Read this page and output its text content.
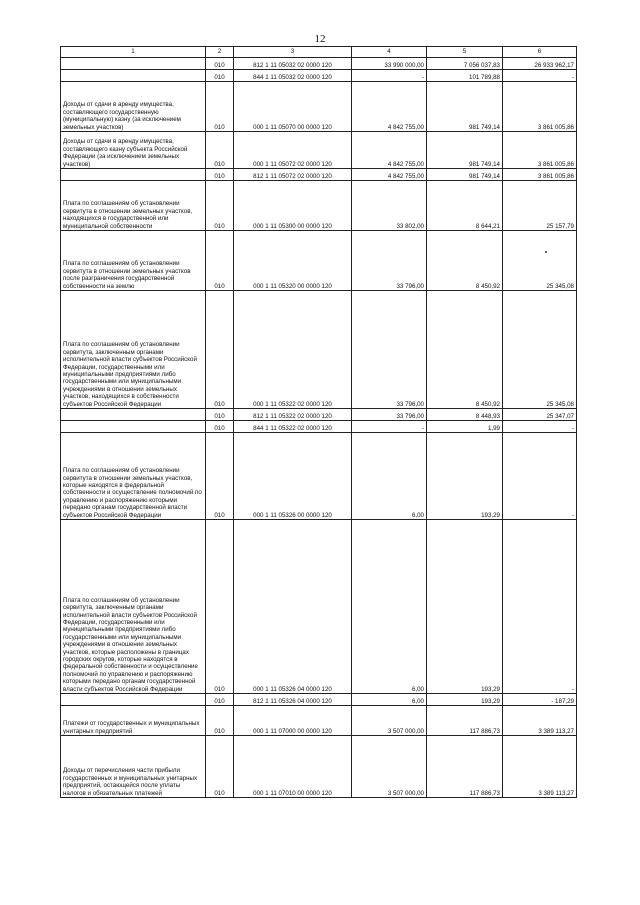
12
1	2	3	4	5	6
	010	812 1 11 05032 02 0000 120	33 990 000,00	7 056 037,83	26 933 962,17
	010	844 1 11 05032 02 0000 120	-	101 789,88	-
Доходы от сдачи в аренду имущества, составляющего государственную (муниципальную) казну (за исключением земельных участков)	010	000 1 11 05070 00 0000 120	4 842 755,00	981 749,14	3 861 005,86
Доходы от сдачи в аренду имущества, составляющего казну субъекта Российской Федерации (за исключением земельных участков)	010	000 1 11 05072 02 0000 120	4 842 755,00	981 749,14	3 861 005,86
	010	812 1 11 05072 02 0000 120	4 842 755,00	981 749,14	3 861 005,86
Плата по соглашениям об установлении сервитута в отношении земельных участков, находящихся в государственной или муниципальной собственности	010	000 1 11 05300 00 0000 120	33 802,00	8 644,21	25 157,79
Плата по соглашениям об установлении сервитута в отношении земельных участков после разграничения государственной собственности на землю	010	000 1 11 05320 00 0000 120	33 796,00	8 450,92	25 345,08
Плата по соглашениям об установлении сервитута, заключенным органами исполнительной власти субъектов Российской Федерации, государственными или муниципальными предприятиями либо государственными или муниципальными учреждениями в отношении земельных участков, находящихся в собственности субъектов Российской Федерации	010	000 1 11 05322 02 0000 120	33 796,00	8 450,92	25 345,08
	010	812 1 11 05322 02 0000 120	33 796,00	8 448,93	25 347,07
	010	844 1 11 05322 02 0000 120	-	1,99	-
Плата по соглашениям об установлении сервитута в отношении земельных участков, которые находятся в федеральной собственности и осуществление полномочий по управлению и распоряжению которыми передано органам государственной власти субъектов Российской Федерации	010	000 1 11 05326 00 0000 120	6,00	193,29	-
Плата по соглашениям об установлении сервитута, заключенным органами исполнительной власти субъектов Российской Федерации, государственными или муниципальными предприятиями либо государственными или муниципальными учреждениями в отношении земельных участков, которые расположены в границах городских округов, которые находятся в федеральной собственности и осуществление полномочий по управлению и распоряжению которыми передано органам государственной власти субъектов Российской Федерации	010	000 1 11 05326 04 0000 120	6,00	193,29	-
	010	812 1 11 05326 04 0000 120	6,00	193,29	- 187,29
Платежи от государственных и муниципальных унитарных предприятий	010	000 1 11 07000 00 0000 120	3 507 000,00	117 886,73	3 389 113,27
Доходы от перечисления части прибыли государственных и муниципальных унитарных предприятий, остающейся после уплаты налогов и обязательных платежей	010	000 1 11 07010 00 0000 120	3 507 000,00	117 886,73	3 389 113,27
